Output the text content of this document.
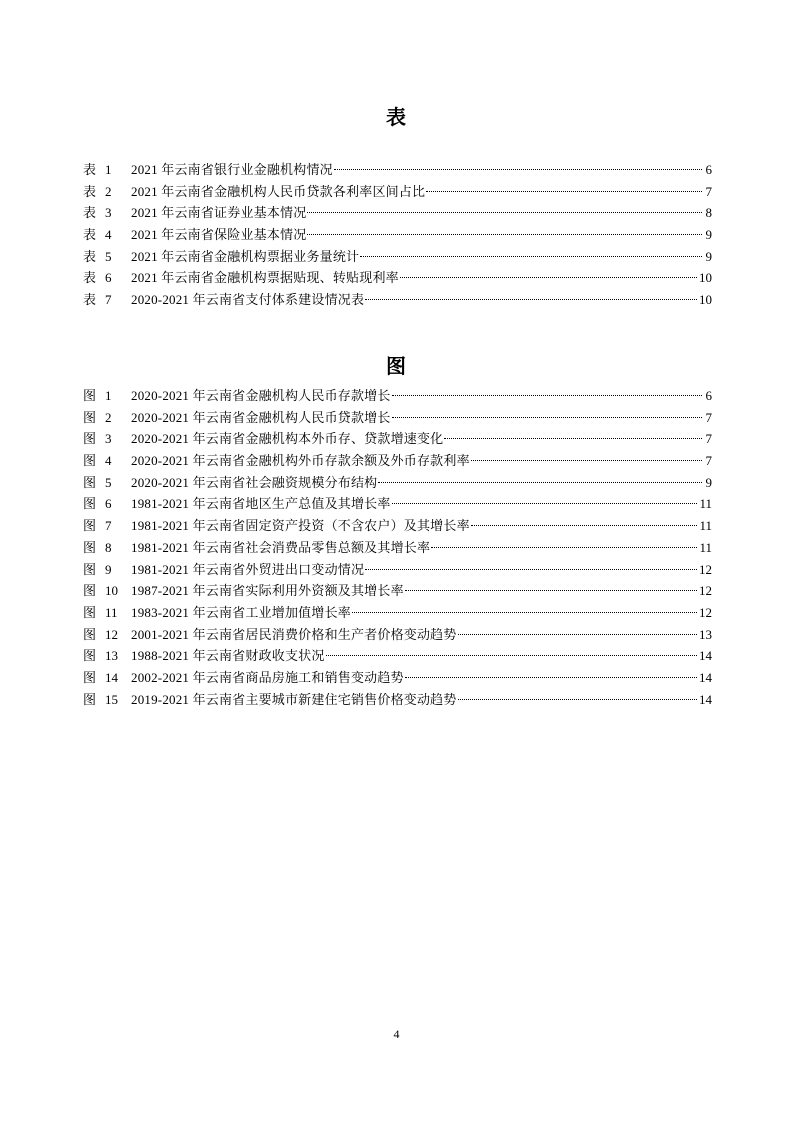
表
表 1 2021 年云南省银行业金融机构情况	6
表 2 2021 年云南省金融机构人民币贷款各利率区间占比	7
表 3 2021 年云南省证券业基本情况	8
表 4 2021 年云南省保险业基本情况	9
表 5 2021 年云南省金融机构票据业务量统计	9
表 6 2021 年云南省金融机构票据贴现、转贴现利率	10
表 7 2020-2021 年云南省支付体系建设情况表	10
图
图 1 2020-2021 年云南省金融机构人民币存款增长	6
图 2 2020-2021 年云南省金融机构人民币贷款增长	7
图 3 2020-2021 年云南省金融机构本外币存、贷款增速变化	7
图 4 2020-2021 年云南省金融机构外币存款余额及外币存款利率	7
图 5 2020-2021 年云南省社会融资规模分布结构	9
图 6 1981-2021 年云南省地区生产总值及其增长率	11
图 7 1981-2021 年云南省固定资产投资（不含农户）及其增长率	11
图 8 1981-2021 年云南省社会消费品零售总额及其增长率	11
图 9 1981-2021 年云南省外贸进出口变动情况	12
图 10 1987-2021 年云南省实际利用外资额及其增长率	12
图 11 1983-2021 年云南省工业增加值增长率	12
图 12 2001-2021 年云南省居民消费价格和生产者价格变动趋势	13
图 13 1988-2021 年云南省财政收支状况	14
图 14 2002-2021 年云南省商品房施工和销售变动趋势	14
图 15 2019-2021 年云南省主要城市新建住宅销售价格变动趋势	14
4
